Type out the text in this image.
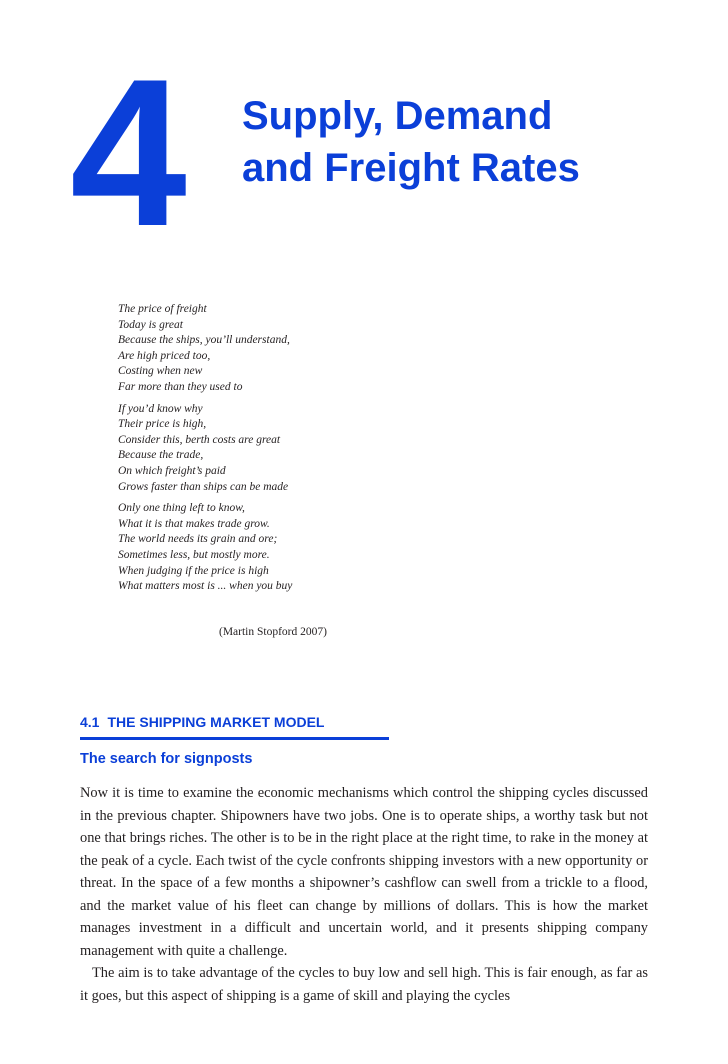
4 Supply, Demand
and Freight Rates
The price of freight
Today is great
Because the ships, you’ll understand,
Are high priced too,
Costing when new
Far more than they used to
If you’d know why
Their price is high,
Consider this, berth costs are great
Because the trade,
On which freight’s paid
Grows faster than ships can be made
Only one thing left to know,
What it is that makes trade grow.
The world needs its grain and ore;
Sometimes less, but mostly more.
When judging if the price is high
What matters most is ... when you buy
(Martin Stopford 2007)
4.1 THE SHIPPING MARKET MODEL
The search for signposts

Now it is time to examine the economic mechanisms which control the shipping cycles discussed in the previous chapter. Shipowners have two jobs. One is to operate ships, a worthy task but not one that brings riches. The other is to be in the right place at the right time, to rake in the money at the peak of a cycle. Each twist of the cycle confronts shipping investors with a new opportunity or threat. In the space of a few months a shipowner’s cashflow can swell from a trickle to a flood, and the market value of his fleet can change by millions of dollars. This is how the market manages investment in a difficult and uncertain world, and it presents shipping company management with quite a challenge.

The aim is to take advantage of the cycles to buy low and sell high. This is fair enough, as far as it goes, but this aspect of shipping is a game of skill and playing the cycles
